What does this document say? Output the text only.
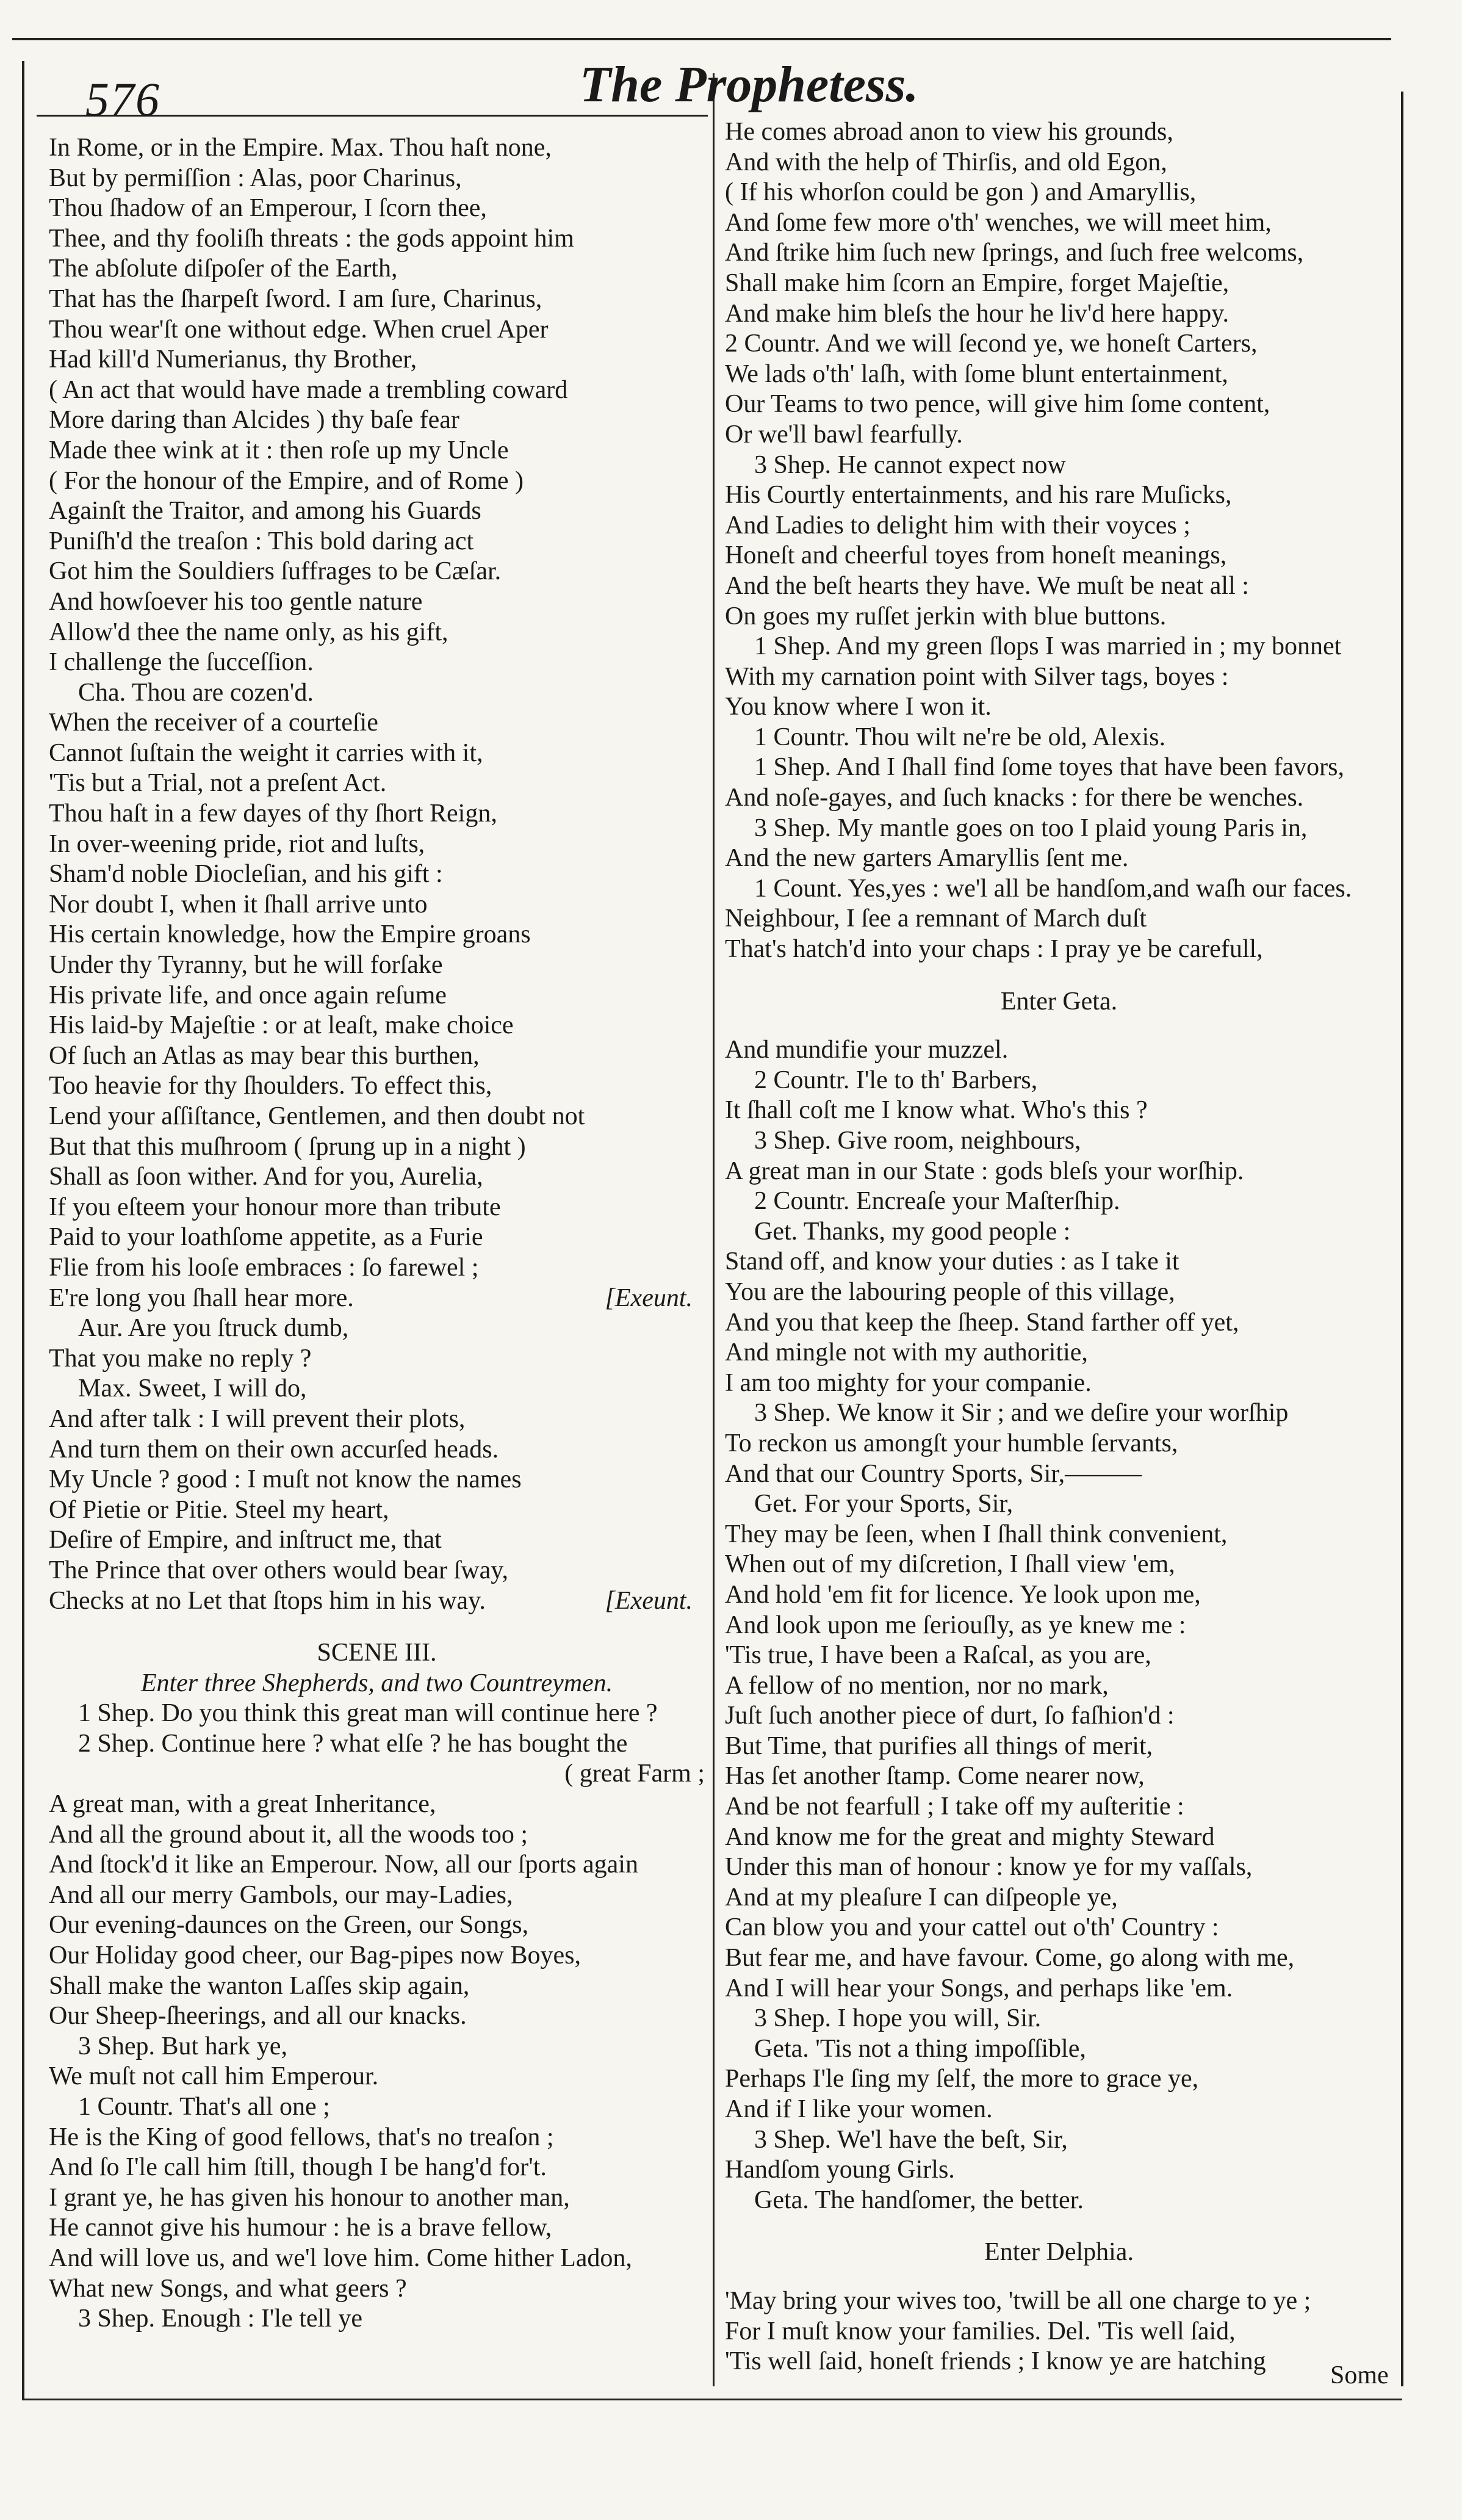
576	The Prophetess.
In Rome, or in the Empire. Max. Thou haſt none,
But by permiſſion : Alas, poor Charinus,
Thou ſhadow of an Emperour, I ſcorn thee,
Thee, and thy fooliſh threats : the gods appoint him
The abſolute diſpoſer of the Earth,
That has the ſharpeſt ſword. I am ſure, Charinus,
Thou wear'ſt one without edge. When cruel Aper
Had kill'd Numerianus, thy Brother,
( An act that would have made a trembling coward
More daring than Alcides ) thy baſe fear
Made thee wink at it : then roſe up my Uncle
( For the honour of the Empire, and of Rome )
Againſt the Traitor, and among his Guards
Puniſh'd the treaſon : This bold daring act
Got him the Souldiers ſuffrages to be Cæſar.
And howſoever his too gentle nature
Allow'd thee the name only, as his gift,
I challenge the ſucceſſion.
Cha. Thou are cozen'd.
When the receiver of a courteſie
Cannot ſuſtain the weight it carries with it,
'Tis but a Trial, not a preſent Act.
Thou haſt in a few dayes of thy ſhort Reign,
In over-weening pride, riot and luſts,
Sham'd noble Diocleſian, and his gift :
Nor doubt I, when it ſhall arrive unto
His certain knowledge, how the Empire groans
Under thy Tyranny, but he will forſake
His private life, and once again reſume
His laid-by Majeſtie : or at leaſt, make choice
Of ſuch an Atlas as may bear this burthen,
Too heavie for thy ſhoulders. To effect this,
Lend your aſſiſtance, Gentlemen, and then doubt not
But that this muſhroom ( ſprung up in a night )
Shall as ſoon wither. And for you, Aurelia,
If you eſteem your honour more than tribute
Paid to your loathſome appetite, as a Furie
Flie from his looſe embraces : ſo farewel ;
E're long you ſhall hear more.	[Exeunt.
Aur. Are you ſtruck dumb,
That you make no reply ?
Max. Sweet, I will do,
And after talk : I will prevent their plots,
And turn them on their own accurſed heads.
My Uncle ? good : I muſt not know the names
Of Pietie or Pitie. Steel my heart,
Deſire of Empire, and inſtruct me, that
The Prince that over others would bear ſway,
Checks at no Let that ſtops him in his way.	[Exeunt.
SCENE III.
Enter three Shepherds, and two Countreymen.
1 Shep. Do you think this great man will continue here ?
2 Shep. Continue here ? what elſe ? he has bought the
( great Farm ;
A great man, with a great Inheritance,
And all the ground about it, all the woods too ;
And ſtock'd it like an Emperour. Now, all our ſports again
And all our merry Gambols, our may-Ladies,
Our evening-daunces on the Green, our Songs,
Our Holiday good cheer, our Bag-pipes now Boyes,
Shall make the wanton Laſſes skip again,
Our Sheep-ſheerings, and all our knacks.
3 Shep. But hark ye,
We muſt not call him Emperour.
1 Countr. That's all one ;
He is the King of good fellows, that's no treaſon ;
And ſo I'le call him ſtill, though I be hang'd for't.
I grant ye, he has given his honour to another man,
He cannot give his humour : he is a brave fellow,
And will love us, and we'l love him. Come hither Ladon,
What new Songs, and what geers ?
3 Shep. Enough : I'le tell ye
He comes abroad anon to view his grounds,
And with the help of Thirſis, and old Egon,
( If his whorſon could be gon ) and Amaryllis,
And ſome few more o'th' wenches, we will meet him,
And ſtrike him ſuch new ſprings, and ſuch free welcoms,
Shall make him ſcorn an Empire, forget Majeſtie,
And make him bleſs the hour he liv'd here happy.
2 Countr. And we will ſecond ye, we honeſt Carters,
We lads o'th' laſh, with ſome blunt entertainment,
Our Teams to two pence, will give him ſome content,
Or we'll bawl fearfully.
3 Shep. He cannot expect now
His Courtly entertainments, and his rare Muſicks,
And Ladies to delight him with their voyces ;
Honeſt and cheerful toyes from honeſt meanings,
And the beſt hearts they have. We muſt be neat all :
On goes my ruſſet jerkin with blue buttons.
1 Shep. And my green ſlops I was married in ; my bonnet
With my carnation point with Silver tags, boyes :
You know where I won it.
1 Countr. Thou wilt ne're be old, Alexis.
1 Shep. And I ſhall find ſome toyes that have been favors,
And noſe-gayes, and ſuch knacks : for there be wenches.
3 Shep. My mantle goes on too I plaid young Paris in,
And the new garters Amaryllis ſent me.
1 Count. Yes,yes : we'l all be handſom,and waſh our faces.
Neighbour, I ſee a remnant of March duſt
That's hatch'd into your chaps : I pray ye be carefull,
Enter Geta.
And mundifie your muzzel.
2 Countr. I'le to th' Barbers,
It ſhall coſt me I know what. Who's this ?
3 Shep. Give room, neighbours,
A great man in our State : gods bleſs your worſhip.
2 Countr. Encreaſe your Maſterſhip.
Get. Thanks, my good people :
Stand off, and know your duties : as I take it
You are the labouring people of this village,
And you that keep the ſheep. Stand farther off yet,
And mingle not with my authoritie,
I am too mighty for your companie.
3 Shep. We know it Sir ; and we deſire your worſhip
To reckon us amongſt your humble ſervants,
And that our Country Sports, Sir,———
Get. For your Sports, Sir,
They may be ſeen, when I ſhall think convenient,
When out of my diſcretion, I ſhall view 'em,
And hold 'em fit for licence. Ye look upon me,
And look upon me ſeriouſly, as ye knew me :
'Tis true, I have been a Raſcal, as you are,
A fellow of no mention, nor no mark,
Juſt ſuch another piece of durt, ſo faſhion'd :
But Time, that purifies all things of merit,
Has ſet another ſtamp. Come nearer now,
And be not fearfull ; I take off my auſteritie :
And know me for the great and mighty Steward
Under this man of honour : know ye for my vaſſals,
And at my pleaſure I can diſpeople ye,
Can blow you and your cattel out o'th' Country :
But fear me, and have favour. Come, go along with me,
And I will hear your Songs, and perhaps like 'em.
3 Shep. I hope you will, Sir.
Geta. 'Tis not a thing impoſſible,
Perhaps I'le ſing my ſelf, the more to grace ye,
And if I like your women.
3 Shep. We'l have the beſt, Sir,
Handſom young Girls.
Geta. The handſomer, the better.
Enter Delphia.
'May bring your wives too, 'twill be all one charge to ye ;
For I muſt know your families. Del. 'Tis well ſaid,
'Tis well ſaid, honeſt friends ; I know ye are hatching	Some
